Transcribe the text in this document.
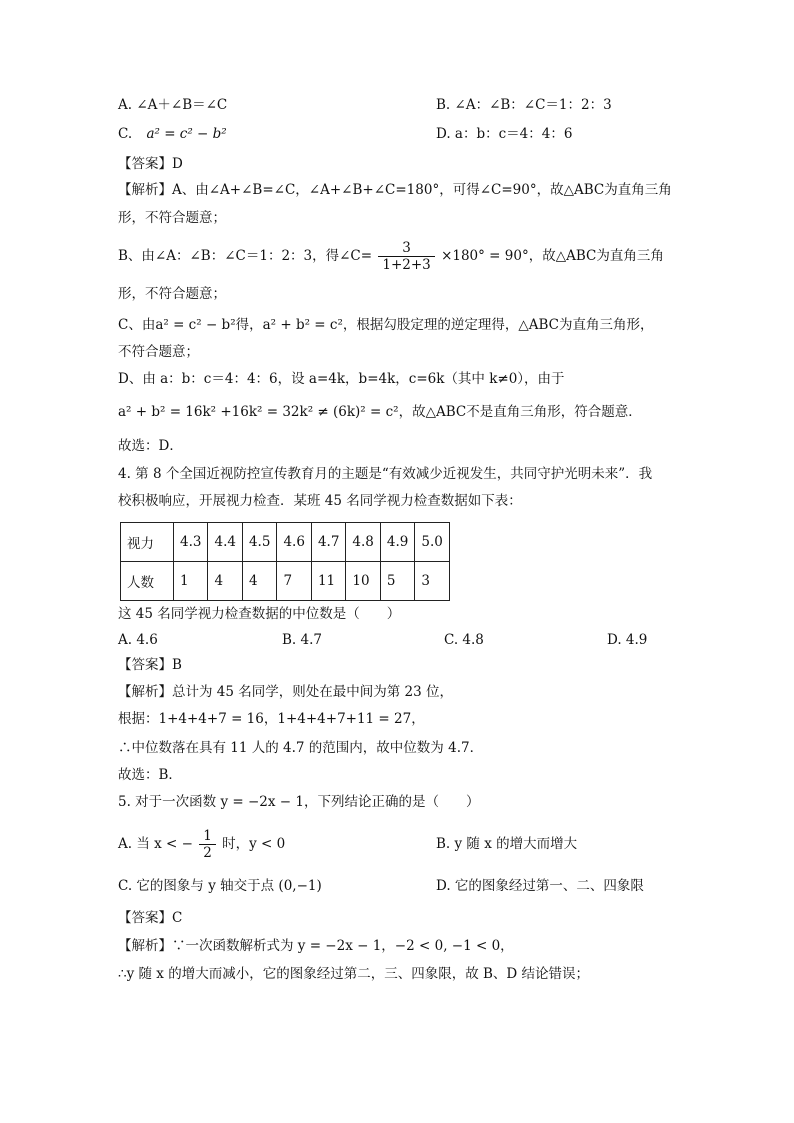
A. ∠A＋∠B＝∠C	B. ∠A：∠B：∠C＝1：2：3
C. a² = c² − b²	D. a：b：c＝4：4：6
【答案】D
【解析】A、由∠A+∠B=∠C，∠A+∠B+∠C=180°，可得∠C=90°，故△ABC为直角三角
形，不符合题意；
B、由∠A：∠B：∠C＝1：2：3，得∠C= $\frac{3}{1+2+3} \times 180^\circ = 90^\circ$，故△ABC为直角三角
形，不符合题意；
C、由a² = c² − b²得，a² + b² = c²，根据勾股定理的逆定理得，△ABC为直角三角形，
不符合题意；
D、由 a：b：c＝4：4：6，设 a=4k，b=4k，c=6k（其中 k≠0），由于
a² + b² = 16k² +16k² = 32k² ≠ (6k)² = c²，故△ABC不是直角三角形，符合题意．
故选：D．
4. 第 8 个全国近视防控宣传教育月的主题是“有效减少近视发生，共同守护光明未来”．我
校积极响应，开展视力检查．某班 45 名同学视力检查数据如下表：
视力	4.3	4.4	4.5	4.6	4.7	4.8	4.9	5.0
人数	1	4	4	7	11	10	5	3
这 45 名同学视力检查数据的中位数是（　　）
A. 4.6	B. 4.7	C. 4.8	D. 4.9
【答案】B
【解析】总计为 45 名同学，则处在最中间为第 23 位，
根据：1+4+4+7 = 16，1+4+4+7+11 = 27，
∴中位数落在具有 11 人的 4.7 的范围内，故中位数为 4.7．
故选：B．
5. 对于一次函数 y = −2x − 1，下列结论正确的是（　　）
A. 当 x < − $\frac{1}{2}$ 时，y < 0	B. y 随 x 的增大而增大
C. 它的图象与 y 轴交于点 (0,−1)	D. 它的图象经过第一、二、四象限
【答案】C
【解析】∵一次函数解析式为 y = −2x − 1，−2 < 0, −1 < 0，
∴y 随 x 的增大而减小，它的图象经过第二，三、四象限，故 B、D 结论错误；
